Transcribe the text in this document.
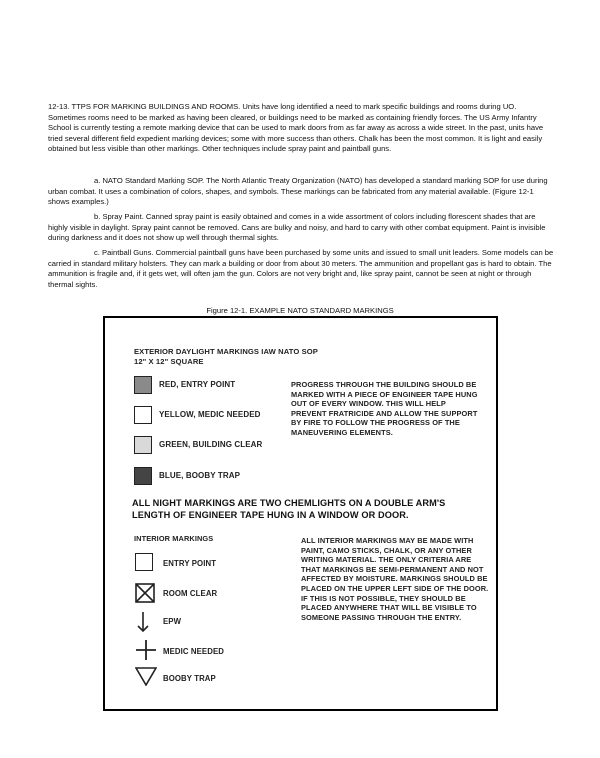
12-13. TTPS FOR MARKING BUILDINGS AND ROOMS. Units have long identified a need to mark specific buildings and rooms during UO. Sometimes rooms need to be marked as having been cleared, or buildings need to be marked as containing friendly forces. The US Army Infantry School is currently testing a remote marking device that can be used to mark doors from as far away as across a wide street. In the past, units have tried several different field expedient marking devices; some with more success than others. Chalk has been the most common. It is light and easily obtained but less visible than other markings. Other techniques include spray paint and paintball guns.

a. NATO Standard Marking SOP. The North Atlantic Treaty Organization (NATO) has developed a standard marking SOP for use during urban combat. It uses a combination of colors, shapes, and symbols. These markings can be fabricated from any material available. (Figure 12-1 shows examples.)

b. Spray Paint. Canned spray paint is easily obtained and comes in a wide assortment of colors including florescent shades that are highly visible in daylight. Spray paint cannot be removed. Cans are bulky and noisy, and hard to carry with other combat equipment. Paint is invisible during darkness and it does not show up well through thermal sights.

c. Paintball Guns. Commercial paintball guns have been purchased by some units and issued to small unit leaders. Some models can be carried in standard military holsters. They can mark a building or door from about 30 meters. The ammunition and propellant gas is hard to obtain. The ammunition is fragile and, if it gets wet, will often jam the gun. Colors are not very bright and, like spray paint, cannot be seen at night or through thermal sights.

Figure 12-1. EXAMPLE NATO STANDARD MARKINGS
EXTERIOR DAYLIGHT MARKINGS IAW NATO SOP
12" X 12" SQUARE
RED, ENTRY POINT
YELLOW, MEDIC NEEDED
GREEN, BUILDING CLEAR
BLUE, BOOBY TRAP
PROGRESS THROUGH THE BUILDING SHOULD BE MARKED WITH A PIECE OF ENGINEER TAPE HUNG OUT OF EVERY WINDOW. THIS WILL HELP PREVENT FRATRICIDE AND ALLOW THE SUPPORT BY FIRE TO FOLLOW THE PROGRESS OF THE MANEUVERING ELEMENTS.
ALL NIGHT MARKINGS ARE TWO CHEMLIGHTS ON A DOUBLE ARM'S LENGTH OF ENGINEER TAPE HUNG IN A WINDOW OR DOOR.
INTERIOR MARKINGS
ENTRY POINT
ROOM CLEAR
EPW
MEDIC NEEDED
BOOBY TRAP
ALL INTERIOR MARKINGS MAY BE MADE WITH PAINT, CAMO STICKS, CHALK, OR ANY OTHER WRITING MATERIAL. THE ONLY CRITERIA ARE THAT MARKINGS BE SEMI-PERMANENT AND NOT AFFECTED BY MOISTURE. MARKINGS SHOULD BE PLACED ON THE UPPER LEFT SIDE OF THE DOOR. IF THIS IS NOT POSSIBLE, THEY SHOULD BE PLACED ANYWHERE THAT WILL BE VISIBLE TO SOMEONE PASSING THROUGH THE ENTRY.
